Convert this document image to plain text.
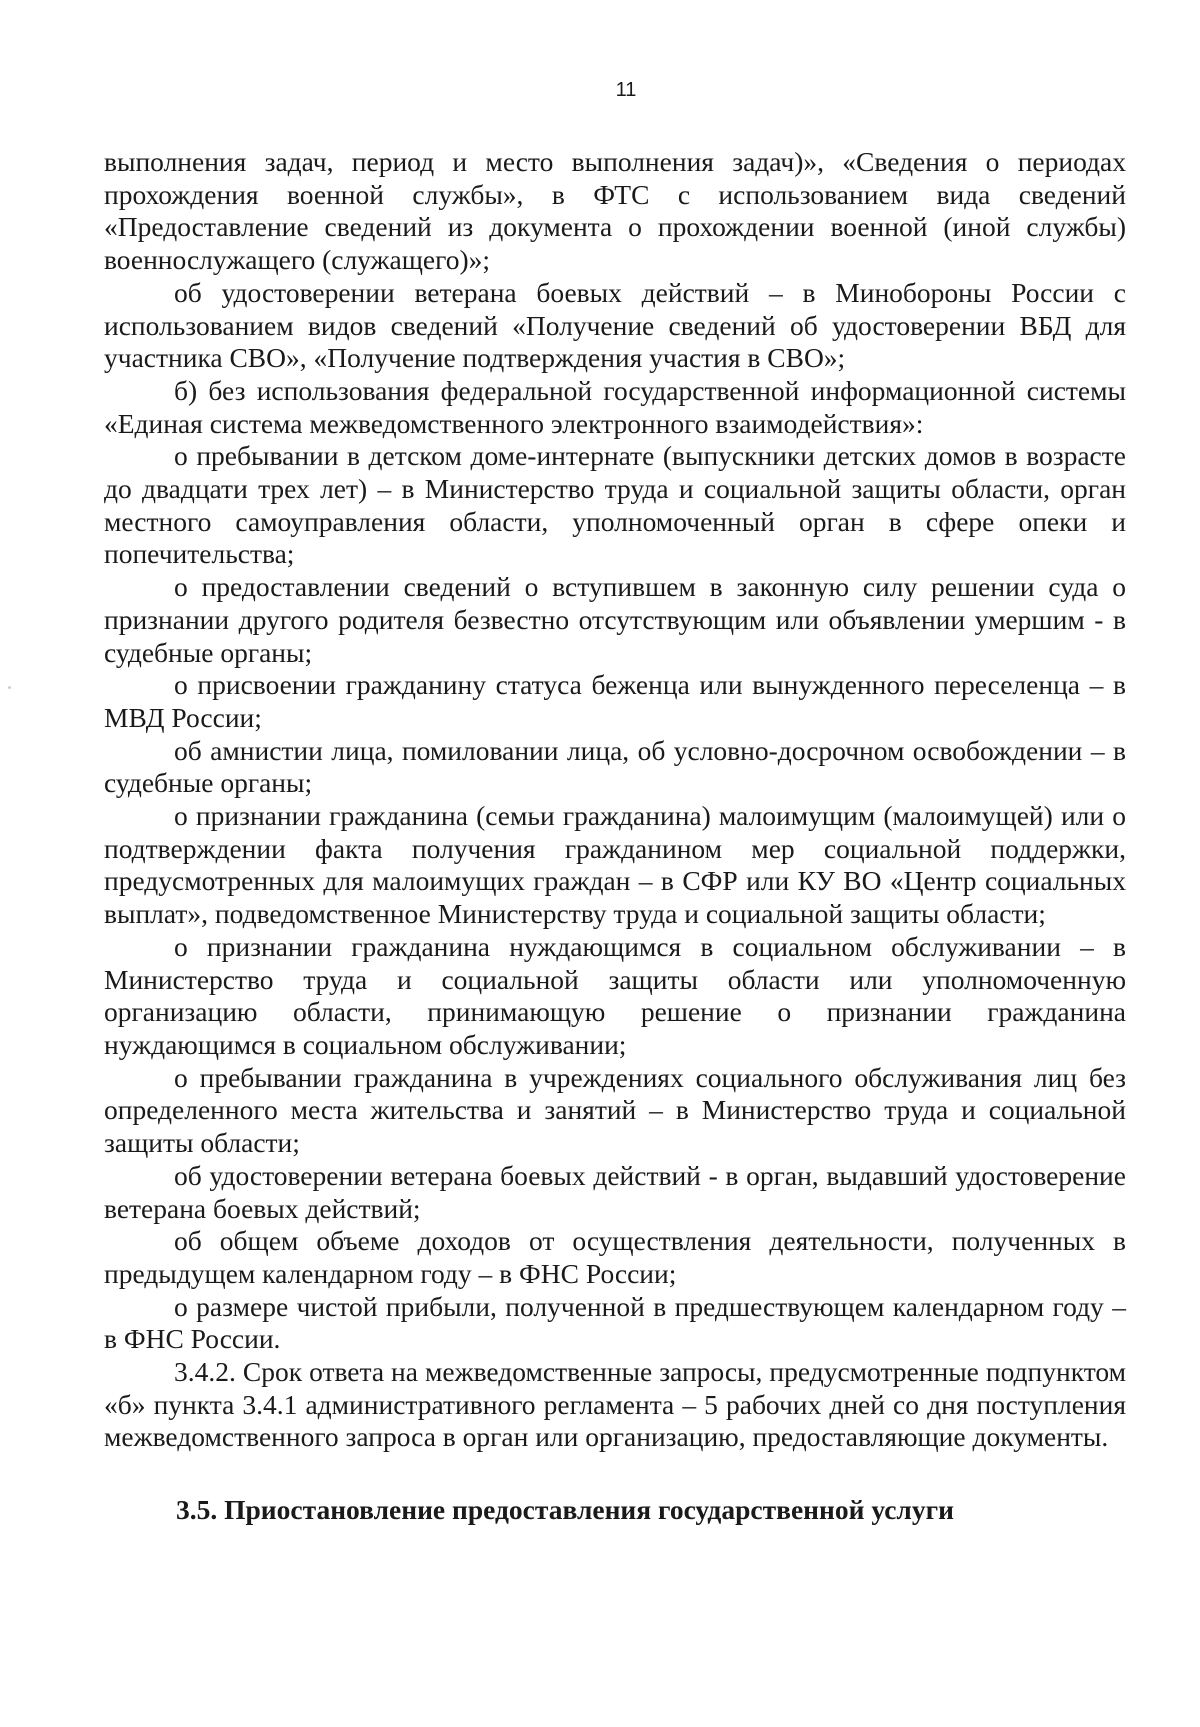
11

выполнения задач, период и место выполнения задач)», «Сведения о периодах прохождения военной службы», в ФТС с использованием вида сведений «Предоставление сведений из документа о прохождении военной (иной службы) военнослужащего (служащего)»;

об удостоверении ветерана боевых действий – в Минобороны России с использованием видов сведений «Получение сведений об удостоверении ВБД для участника СВО», «Получение подтверждения участия в СВО»;

б) без использования федеральной государственной информационной системы «Единая система межведомственного электронного взаимодействия»:

о пребывании в детском доме-интернате (выпускники детских домов в возрасте до двадцати трех лет) – в Министерство труда и социальной защиты области, орган местного самоуправления области, уполномоченный орган в сфере опеки и попечительства;

о предоставлении сведений о вступившем в законную силу решении суда о признании другого родителя безвестно отсутствующим или объявлении умершим - в судебные органы;

о присвоении гражданину статуса беженца или вынужденного переселенца – в МВД России;

об амнистии лица, помиловании лица, об условно-досрочном освобождении – в судебные органы;

о признании гражданина (семьи гражданина) малоимущим (малоимущей) или о подтверждении факта получения гражданином мер социальной поддержки, предусмотренных для малоимущих граждан – в СФР или КУ ВО «Центр социальных выплат», подведомственное Министерству труда и социальной защиты области;

о признании гражданина нуждающимся в социальном обслуживании – в Министерство труда и социальной защиты области или уполномоченную организацию области, принимающую решение о признании гражданина нуждающимся в социальном обслуживании;

о пребывании гражданина в учреждениях социального обслуживания лиц без определенного места жительства и занятий – в Министерство труда и социальной защиты области;

об удостоверении ветерана боевых действий - в орган, выдавший удостоверение ветерана боевых действий;

об общем объеме доходов от осуществления деятельности, полученных в предыдущем календарном году – в ФНС России;

о размере чистой прибыли, полученной в предшествующем календарном году – в ФНС России.

3.4.2. Срок ответа на межведомственные запросы, предусмотренные подпунктом «б» пункта 3.4.1 административного регламента – 5 рабочих дней со дня поступления межведомственного запроса в орган или организацию, предоставляющие документы.

3.5. Приостановление предоставления государственной услуги
